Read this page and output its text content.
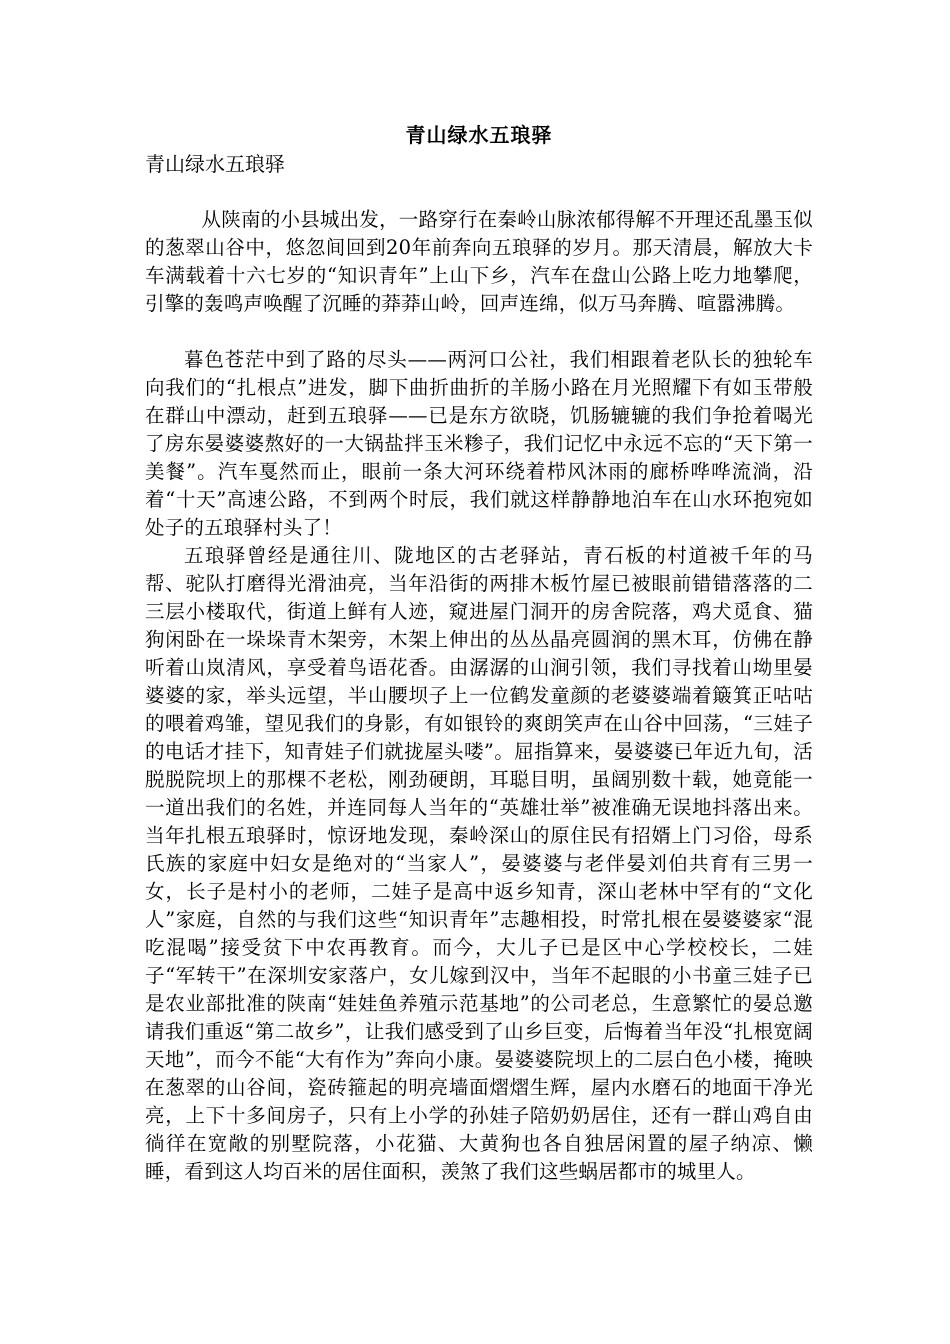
青山绿水五琅驿
青山绿水五琅驿

从陕南的小县城出发，一路穿行在秦岭山脉浓郁得解不开理还乱墨玉似的葱翠山谷中，悠忽间回到20年前奔向五琅驿的岁月。那天清晨，解放大卡车满载着十六七岁的“知识青年”上山下乡，汽车在盘山公路上吃力地攀爬，引擎的轰鸣声唤醒了沉睡的莽莽山岭，回声连绵，似万马奔腾、喧嚣沸腾。

暮色苍茫中到了路的尽头——两河口公社，我们相跟着老队长的独轮车向我们的“扎根点”进发，脚下曲折曲折的羊肠小路在月光照耀下有如玉带般在群山中漂动，赶到五琅驿——已是东方欲晓，饥肠辘辘的我们争抢着喝光了房东晏婆婆熬好的一大锅盐拌玉米糁子，我们记忆中永远不忘的“天下第一美餐”。汽车戛然而止，眼前一条大河环绕着栉风沐雨的廊桥哗哗流淌，沿着“十天”高速公路，不到两个时辰，我们就这样静静地泊车在山水环抱宛如处子的五琅驿村头了！

五琅驿曾经是通往川、陇地区的古老驿站，青石板的村道被千年的马帮、驼队打磨得光滑油亮，当年沿街的两排木板竹屋已被眼前错错落落的二三层小楼取代，街道上鲜有人迹，窥进屋门洞开的房舍院落，鸡犬觅食、猫狗闲卧在一垛垛青木架旁，木架上伸出的丛丛晶亮圆润的黑木耳，仿佛在静听着山岚清风，享受着鸟语花香。由潺潺的山涧引领，我们寻找着山坳里晏婆婆的家，举头远望，半山腰坝子上一位鹤发童颜的老婆婆端着簸箕正咕咕的喂着鸡雏，望见我们的身影，有如银铃的爽朗笑声在山谷中回荡，“三娃子的电话才挂下，知青娃子们就拢屋头喽”。屈指算来，晏婆婆已年近九旬，活脱脱院坝上的那棵不老松，刚劲硬朗，耳聪目明，虽阔别数十载，她竟能一 一道出我们的名姓，并连同每人当年的“英雄壮举”被准确无误地抖落出来。当年扎根五琅驿时，惊讶地发现，秦岭深山的原住民有招婿上门习俗，母系氏族的家庭中妇女是绝对的“当家人”，晏婆婆与老伴晏刘伯共育有三男一女，长子是村小的老师，二娃子是高中返乡知青，深山老林中罕有的“文化人”家庭，自然的与我们这些“知识青年”志趣相投，时常扎根在晏婆婆家“混吃混喝”接受贫下中农再教育。而今，大儿子已是区中心学校校长，二娃子“军转干”在深圳安家落户，女儿嫁到汉中，当年不起眼的小书童三娃子已是农业部批准的陕南“娃娃鱼养殖示范基地”的公司老总，生意繁忙的晏总邀请我们重返“第二故乡”，让我们感受到了山乡巨变，后悔着当年没“扎根宽阔天地”，而今不能“大有作为”奔向小康。晏婆婆院坝上的二层白色小楼，掩映在葱翠的山谷间，瓷砖箍起的明亮墙面熠熠生辉，屋内水磨石的地面干净光亮，上下十多间房子，只有上小学的孙娃子陪奶奶居住，还有一群山鸡自由徜徉在宽敞的别墅院落，小花猫、大黄狗也各自独居闲置的屋子纳凉、懒睡，看到这人均百米的居住面积，羡煞了我们这些蜗居都市的城里人。
